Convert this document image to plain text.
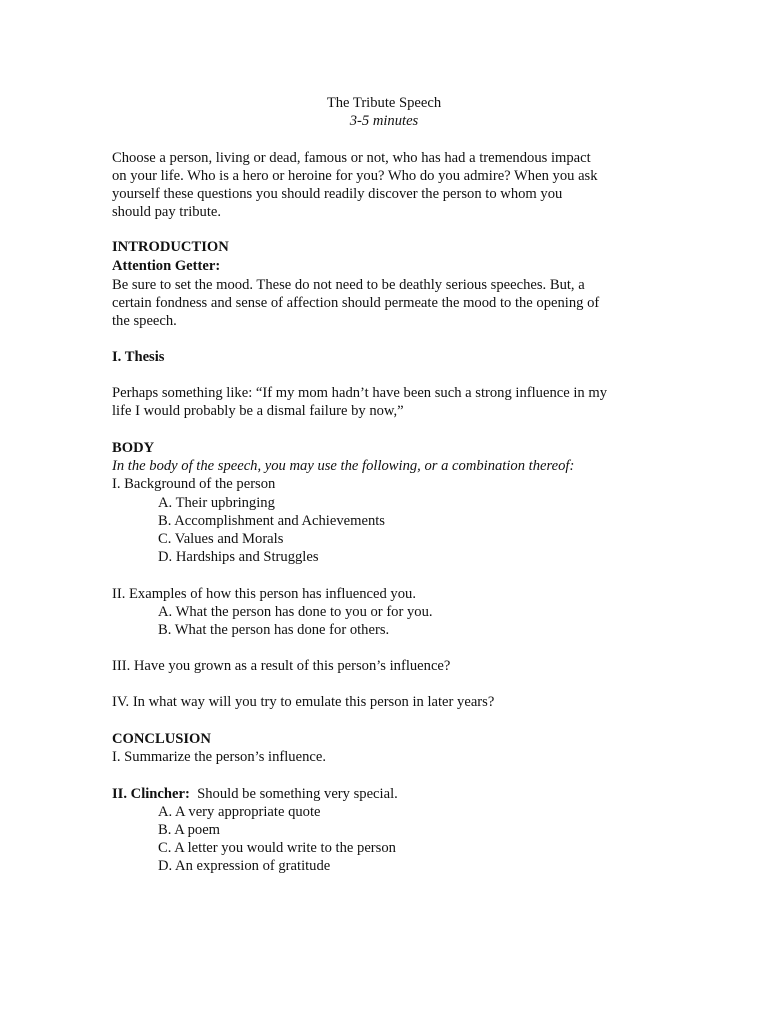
The Tribute Speech
3-5 minutes
Choose a person, living or dead, famous or not, who has had a tremendous impact
on your life. Who is a hero or heroine for you? Who do you admire? When you ask
yourself these questions you should readily discover the person to whom you
should pay tribute.
INTRODUCTION
Attention Getter:
Be sure to set the mood. These do not need to be deathly serious speeches. But, a
certain fondness and sense of affection should permeate the mood to the opening of
the speech.
I. Thesis
Perhaps something like: “If my mom hadn’t have been such a strong influence in my
life I would probably be a dismal failure by now,”
BODY
In the body of the speech, you may use the following, or a combination thereof:
I. Background of the person
A. Their upbringing
B. Accomplishment and Achievements
C. Values and Morals
D. Hardships and Struggles
II. Examples of how this person has influenced you.
A. What the person has done to you or for you.
B. What the person has done for others.
III. Have you grown as a result of this person’s influence?
IV. In what way will you try to emulate this person in later years?
CONCLUSION
I. Summarize the person’s influence.
II. Clincher:  Should be something very special.
A. A very appropriate quote
B. A poem
C. A letter you would write to the person
D. An expression of gratitude
